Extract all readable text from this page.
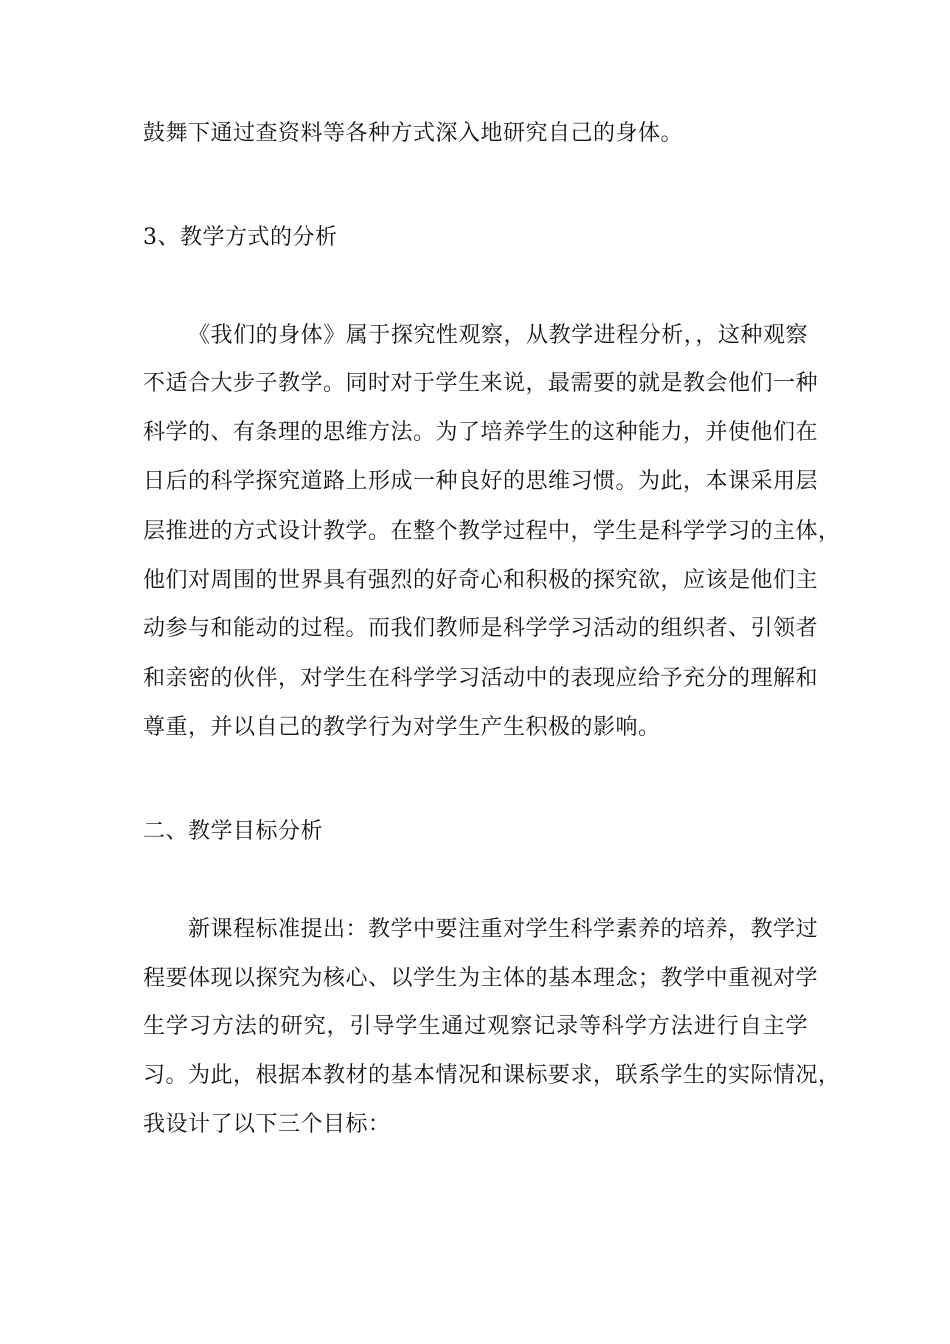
鼓舞下通过查资料等各种方式深入地研究自己的身体。
3、教学方式的分析
《我们的身体》属于探究性观察，从教学进程分析，，这种观察
不适合大步子教学。同时对于学生来说，最需要的就是教会他们一种
科学的、有条理的思维方法。为了培养学生的这种能力，并使他们在
日后的科学探究道路上形成一种良好的思维习惯。为此，本课采用层
层推进的方式设计教学。在整个教学过程中，学生是科学学习的主体，
他们对周围的世界具有强烈的好奇心和积极的探究欲，应该是他们主
动参与和能动的过程。而我们教师是科学学习活动的组织者、引领者
和亲密的伙伴，对学生在科学学习活动中的表现应给予充分的理解和
尊重，并以自己的教学行为对学生产生积极的影响。
二、教学目标分析
新课程标准提出：教学中要注重对学生科学素养的培养，教学过
程要体现以探究为核心、以学生为主体的基本理念；教学中重视对学
生学习方法的研究，引导学生通过观察记录等科学方法进行自主学
习。为此，根据本教材的基本情况和课标要求，联系学生的实际情况，
我设计了以下三个目标：
